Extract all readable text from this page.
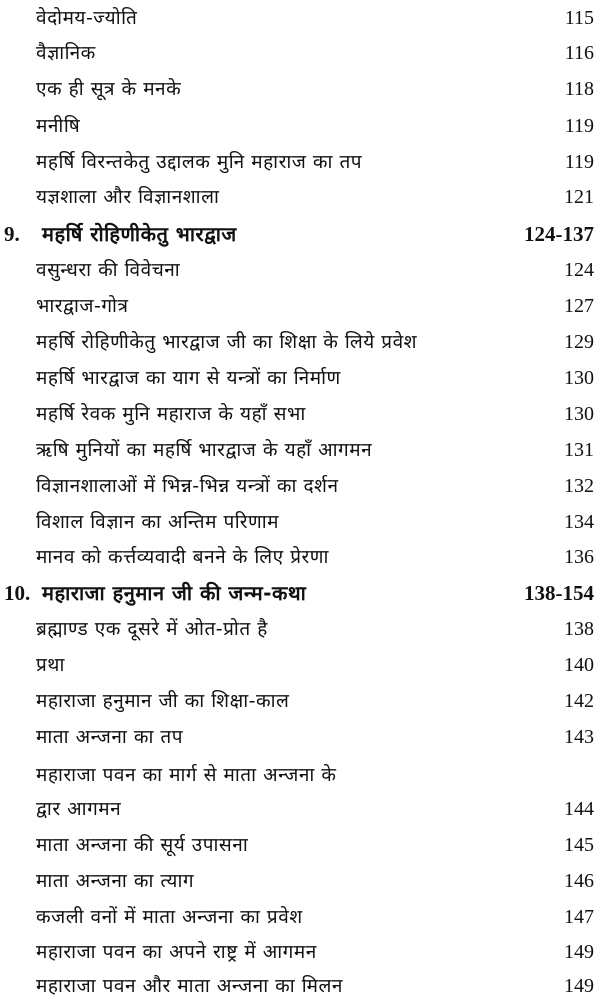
वेदोमय-ज्योति	115
वैज्ञानिक	116
एक ही सूत्र के मनके	118
मनीषि	119
महर्षि विरन्तकेतु उद्दालक मुनि महाराज का तप	119
यज्ञशाला और विज्ञानशाला	121
9. महर्षि रोहिणीकेतु भारद्वाज	124-137
वसुन्धरा की विवेचना	124
भारद्वाज-गोत्र	127
महर्षि रोहिणीकेतु भारद्वाज जी का शिक्षा के लिये प्रवेश	129
महर्षि भारद्वाज का याग से यन्त्रों का निर्माण	130
महर्षि रेवक मुनि महाराज के यहाँ सभा	130
ऋषि मुनियों का महर्षि भारद्वाज के यहाँ आगमन	131
विज्ञानशालाओं में भिन्न-भिन्न यन्त्रों का दर्शन	132
विशाल विज्ञान का अन्तिम परिणाम	134
मानव को कर्त्तव्यवादी बनने के लिए प्रेरणा	136
10. महाराजा हनुमान जी की जन्म-कथा	138-154
ब्रह्माण्ड एक दूसरे में ओत-प्रोत है	138
प्रथा	140
महाराजा हनुमान जी का शिक्षा-काल	142
माता अन्जना का तप	143
महाराजा पवन का मार्ग से माता अन्जना के
द्वार आगमन	144
माता अन्जना की सूर्य उपासना	145
माता अन्जना का त्याग	146
कजली वनों में माता अन्जना का प्रवेश	147
महाराजा पवन का अपने राष्ट्र में आगमन	149
महाराजा पवन और माता अन्जना का मिलन	149
